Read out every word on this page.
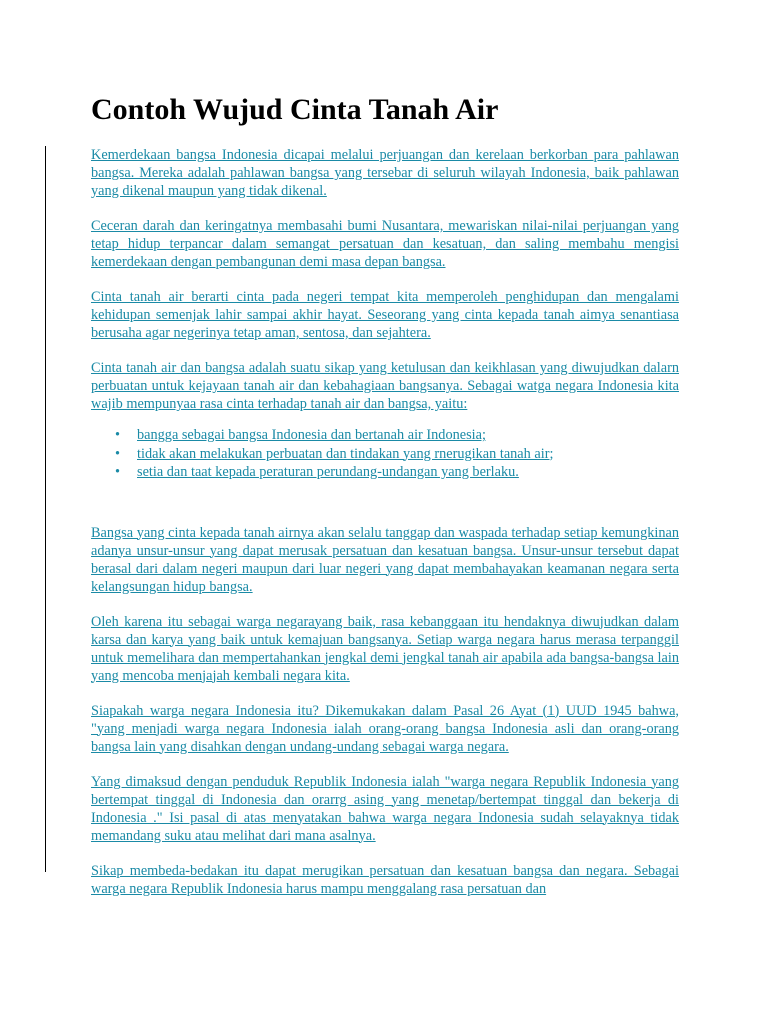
Contoh Wujud Cinta Tanah Air

Kemerdekaan bangsa Indonesia dicapai melalui perjuangan dan kerelaan berkorban para pahlawan bangsa. Mereka adalah pahlawan bangsa yang tersebar di seluruh wilayah Indonesia, baik pahlawan yang dikenal maupun yang tidak dikenal.

Ceceran darah dan keringatnya membasahi bumi Nusantara, mewariskan nilai-nilai perjuangan yang tetap hidup terpancar dalam semangat persatuan dan kesatuan, dan saling membahu mengisi kemerdekaan dengan pembangunan demi masa depan bangsa.

Cinta tanah air berarti cinta pada negeri tempat kita memperoleh penghidupan dan mengalami kehidupan semenjak lahir sampai akhir hayat. Seseorang yang cinta kepada tanah aimya senantiasa berusaha agar negerinya tetap aman, sentosa, dan sejahtera.

Cinta tanah air dan bangsa adalah suatu sikap yang ketulusan dan keikhlasan yang diwujudkan dalarn perbuatan untuk kejayaan tanah air dan kebahagiaan bangsanya. Sebagai watga negara Indonesia kita wajib mempunyaa rasa cinta terhadap tanah air dan bangsa, yaitu:

• bangga sebagai bangsa Indonesia dan bertanah air Indonesia;
• tidak akan melakukan perbuatan dan tindakan yang rnerugikan tanah air;
• setia dan taat kepada peraturan perundang-undangan yang berlaku.

Bangsa yang cinta kepada tanah airnya akan selalu tanggap dan waspada terhadap setiap kemungkinan adanya unsur-unsur yang dapat merusak persatuan dan kesatuan bangsa. Unsur-unsur tersebut dapat berasal dari dalam negeri maupun dari luar negeri yang dapat membahayakan keamanan negara serta kelangsungan hidup bangsa.

Oleh karena itu sebagai warga negarayang baik, rasa kebanggaan itu hendaknya diwujudkan dalam karsa dan karya yang baik untuk kemajuan bangsanya. Setiap warga negara harus merasa terpanggil untuk memelihara dan mempertahankan jengkal demi jengkal tanah air apabila ada bangsa-bangsa lain yang mencoba menjajah kembali negara kita.

Siapakah warga negara Indonesia itu? Dikemukakan dalam Pasal 26 Ayat (1) UUD 1945 bahwa, "yang menjadi warga negara Indonesia ialah orang-orang bangsa Indonesia asli dan orang-orang bangsa lain yang disahkan dengan undang-undang sebagai warga negara.

Yang dimaksud dengan penduduk Republik Indonesia ialah "warga negara Republik Indonesia yang bertempat tinggal di Indonesia dan orarrg asing yang menetap/bertempat tinggal dan bekerja di Indonesia ." Isi pasal di atas menyatakan bahwa warga negara Indonesia sudah selayaknya tidak memandang suku atau melihat dari mana asalnya.

Sikap membeda-bedakan itu dapat merugikan persatuan dan kesatuan bangsa dan negara. Sebagai warga negara Republik Indonesia harus mampu menggalang rasa persatuan dan
